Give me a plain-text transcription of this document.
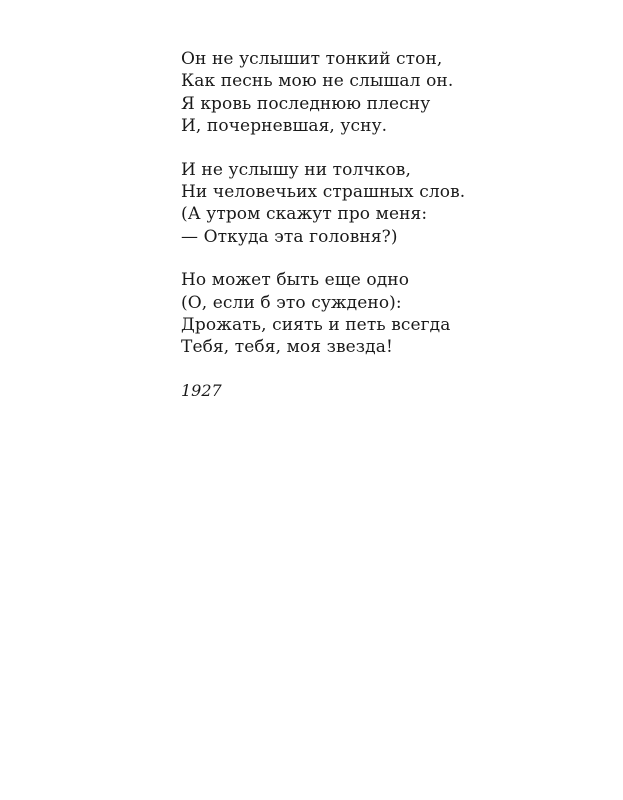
Он не услышит тонкий стон,
Как песнь мою не слышал он.
Я кровь последнюю плесну
И, почерневшая, усну.
И не услышу ни толчков,
Ни человечьих страшных слов.
(А утром скажут про меня:
— Откуда эта головня?)
Но может быть еще одно
(О, если б это суждено):
Дрожать, сиять и петь всегда
Тебя, тебя, моя звезда!
1927
